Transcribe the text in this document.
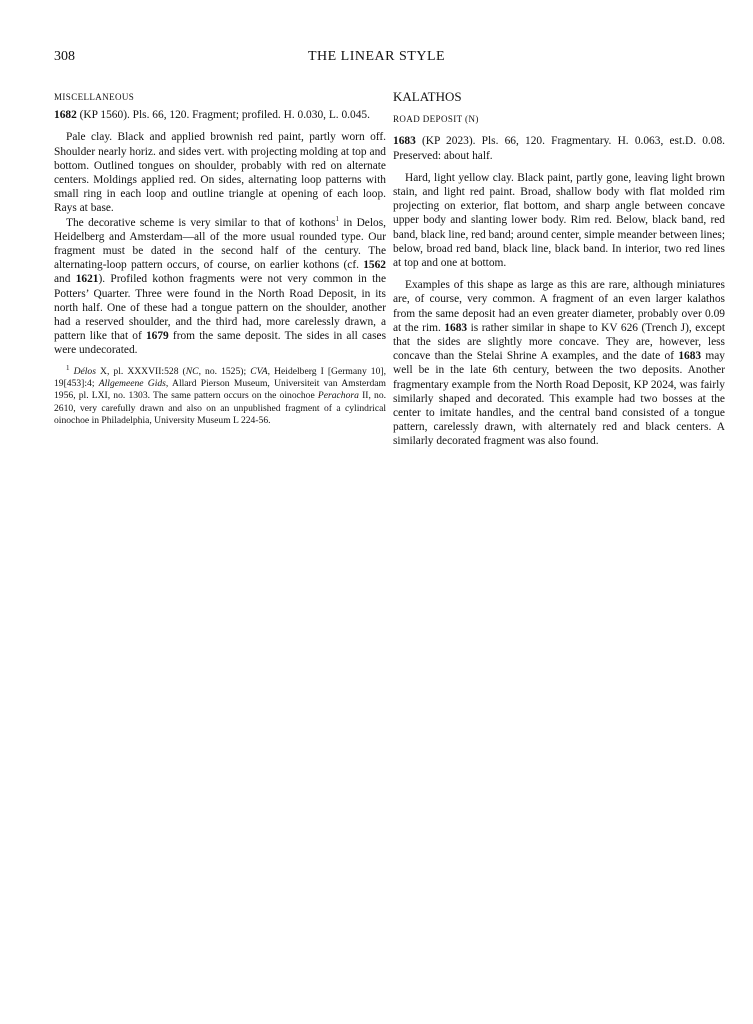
308	THE LINEAR STYLE

MISCELLANEOUS

1682 (KP 1560). Pls. 66, 120. Fragment; profiled. H. 0.030, L. 0.045.

Pale clay. Black and applied brownish red paint, partly worn off. Shoulder nearly horiz. and sides vert. with projecting molding at top and bottom. Outlined tongues on shoulder, probably with red on alternate centers. Moldings applied red. On sides, alternating loop patterns with small ring in each loop and outline triangle at opening of each loop. Rays at base.

The decorative scheme is very similar to that of kothons$^1$ in Delos, Heidelberg and Amsterdam—all of the more usual rounded type. Our fragment must be dated in the second half of the century. The alternating-loop pattern occurs, of course, on earlier kothons (cf. 1562 and 1621). Profiled kothon fragments were not very common in the Potters’ Quarter. Three were found in the North Road Deposit, in its north half. One of these had a tongue pattern on the shoulder, another had a reserved shoulder, and the third had, more carelessly drawn, a pattern like that of 1679 from the same deposit. The sides in all cases were undecorated.

$^1$ Délos X, pl. XXXVII:528 (NC, no. 1525); CVA, Heidelberg I [Germany 10], 19[453]:4; Allgemeene Gids, Allard Pierson Museum, Universiteit van Amsterdam 1956, pl. LXI, no. 1303. The same pattern occurs on the oinochoe Perachora II, no. 2610, very carefully drawn and also on an unpublished fragment of a cylindrical oinochoe in Philadelphia, University Museum L 224-56.

KALATHOS

ROAD DEPOSIT (N)

1683 (KP 2023). Pls. 66, 120. Fragmentary. H. 0.063, est.D. 0.08. Preserved: about half.

Hard, light yellow clay. Black paint, partly gone, leaving light brown stain, and light red paint. Broad, shallow body with flat molded rim projecting on exterior, flat bottom, and sharp angle between concave upper body and slanting lower body. Rim red. Below, black band, red band, black line, red band; around center, simple meander between lines; below, broad red band, black line, black band. In interior, two red lines at top and one at bottom.

Examples of this shape as large as this are rare, although miniatures are, of course, very common. A fragment of an even larger kalathos from the same deposit had an even greater diameter, probably over 0.09 at the rim. 1683 is rather similar in shape to KV 626 (Trench J), except that the sides are slightly more concave. They are, however, less concave than the Stelai Shrine A examples, and the date of 1683 may well be in the late 6th century, between the two deposits. Another fragmentary example from the North Road Deposit, KP 2024, was fairly similarly shaped and decorated. This example had two bosses at the center to imitate handles, and the central band consisted of a tongue pattern, carelessly drawn, with alternately red and black centers. A similarly decorated fragment was also found.
